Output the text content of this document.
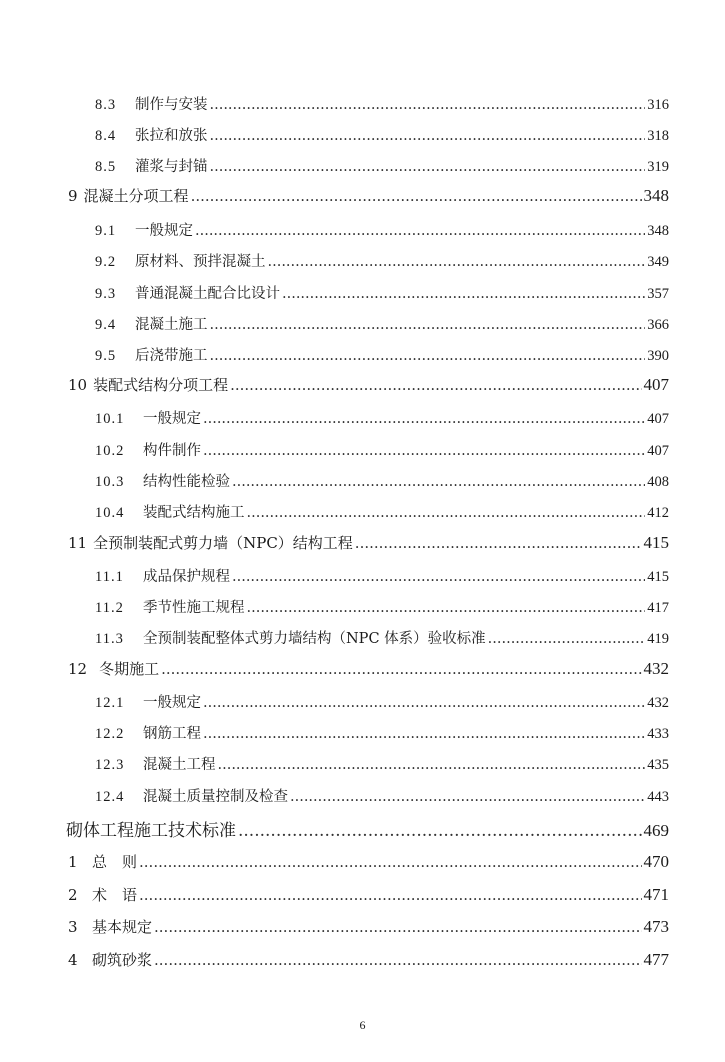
8.3	制作与安装 .....	316
8.4	张拉和放张 .....	318
8.5	灌浆与封锚 .....	319
9 混凝土分项工程 .....	348
9.1	一般规定 .....	348
9.2	原材料、预拌混凝土 .....	349
9.3	普通混凝土配合比设计 .....	357
9.4	混凝土施工 .....	366
9.5	后浇带施工 .....	390
10 装配式结构分项工程 .....	407
10.1	一般规定 .....	407
10.2	构件制作 .....	407
10.3	结构性能检验 .....	408
10.4	装配式结构施工 .....	412
11 全预制装配式剪力墙（NPC）结构工程 .....	415
11.1	成品保护规程 .....	415
11.2	季节性施工规程 .....	417
11.3	全预制装配整体式剪力墙结构（NPC 体系）验收标准 .....	419
12 冬期施工 .....	432
12.1	一般规定 .....	432
12.2	钢筋工程 .....	433
12.3	混凝土工程 .....	435
12.4	混凝土质量控制及检查 .....	443
砌体工程施工技术标准 .....	469
1 总　则 .....	470
2 术　语 .....	471
3 基本规定 .....	473
4 砌筑砂浆 .....	477
6
